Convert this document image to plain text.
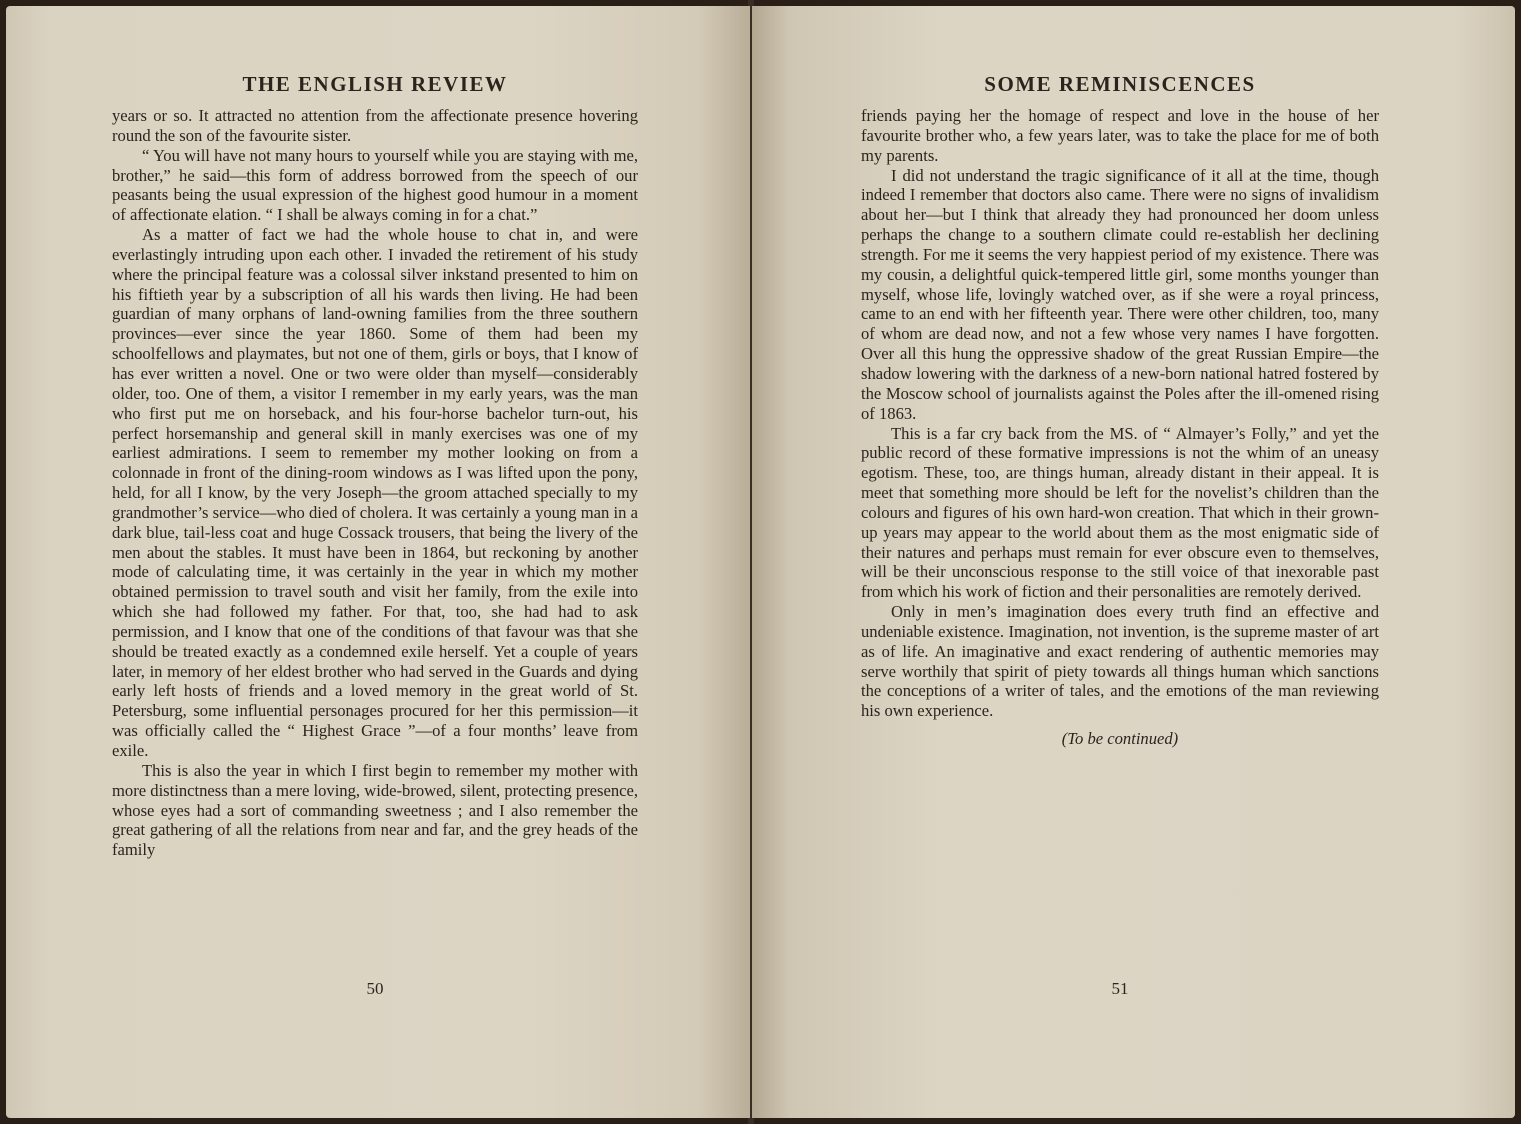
THE ENGLISH REVIEW

years or so. It attracted no attention from the affectionate presence hovering round the son of the favourite sister.

“ You will have not many hours to yourself while you are staying with me, brother,” he said—this form of address borrowed from the speech of our peasants being the usual expression of the highest good humour in a moment of affectionate elation. “ I shall be always coming in for a chat.”

As a matter of fact we had the whole house to chat in, and were everlastingly intruding upon each other. I invaded the retirement of his study where the principal feature was a colossal silver inkstand presented to him on his fiftieth year by a subscription of all his wards then living. He had been guardian of many orphans of land-owning families from the three southern provinces—ever since the year 1860. Some of them had been my schoolfellows and playmates, but not one of them, girls or boys, that I know of has ever written a novel. One or two were older than myself—considerably older, too. One of them, a visitor I remember in my early years, was the man who first put me on horseback, and his four-horse bachelor turn-out, his perfect horsemanship and general skill in manly exercises was one of my earliest admirations. I seem to remember my mother looking on from a colonnade in front of the dining-room windows as I was lifted upon the pony, held, for all I know, by the very Joseph—the groom attached specially to my grandmother’s service—who died of cholera. It was certainly a young man in a dark blue, tail-less coat and huge Cossack trousers, that being the livery of the men about the stables. It must have been in 1864, but reckoning by another mode of calculating time, it was certainly in the year in which my mother obtained permission to travel south and visit her family, from the exile into which she had followed my father. For that, too, she had had to ask permission, and I know that one of the conditions of that favour was that she should be treated exactly as a condemned exile herself. Yet a couple of years later, in memory of her eldest brother who had served in the Guards and dying early left hosts of friends and a loved memory in the great world of St. Petersburg, some influential personages procured for her this permission—it was officially called the “ Highest Grace ”—of a four months’ leave from exile.

This is also the year in which I first begin to remember my mother with more distinctness than a mere loving, wide-browed, silent, protecting presence, whose eyes had a sort of commanding sweetness ; and I also remember the great gathering of all the relations from near and far, and the grey heads of the family

50

SOME REMINISCENCES

friends paying her the homage of respect and love in the house of her favourite brother who, a few years later, was to take the place for me of both my parents.

I did not understand the tragic significance of it all at the time, though indeed I remember that doctors also came. There were no signs of invalidism about her—but I think that already they had pronounced her doom unless perhaps the change to a southern climate could re-establish her declining strength. For me it seems the very happiest period of my existence. There was my cousin, a delightful quick-tempered little girl, some months younger than myself, whose life, lovingly watched over, as if she were a royal princess, came to an end with her fifteenth year. There were other children, too, many of whom are dead now, and not a few whose very names I have forgotten. Over all this hung the oppressive shadow of the great Russian Empire—the shadow lowering with the darkness of a new-born national hatred fostered by the Moscow school of journalists against the Poles after the ill-omened rising of 1863.

This is a far cry back from the MS. of “ Almayer’s Folly,” and yet the public record of these formative impressions is not the whim of an uneasy egotism. These, too, are things human, already distant in their appeal. It is meet that something more should be left for the novelist’s children than the colours and figures of his own hard-won creation. That which in their grown-up years may appear to the world about them as the most enigmatic side of their natures and perhaps must remain for ever obscure even to themselves, will be their unconscious response to the still voice of that inexorable past from which his work of fiction and their personalities are remotely derived.

Only in men’s imagination does every truth find an effective and undeniable existence. Imagination, not invention, is the supreme master of art as of life. An imaginative and exact rendering of authentic memories may serve worthily that spirit of piety towards all things human which sanctions the conceptions of a writer of tales, and the emotions of the man reviewing his own experience.

(To be continued)

51
